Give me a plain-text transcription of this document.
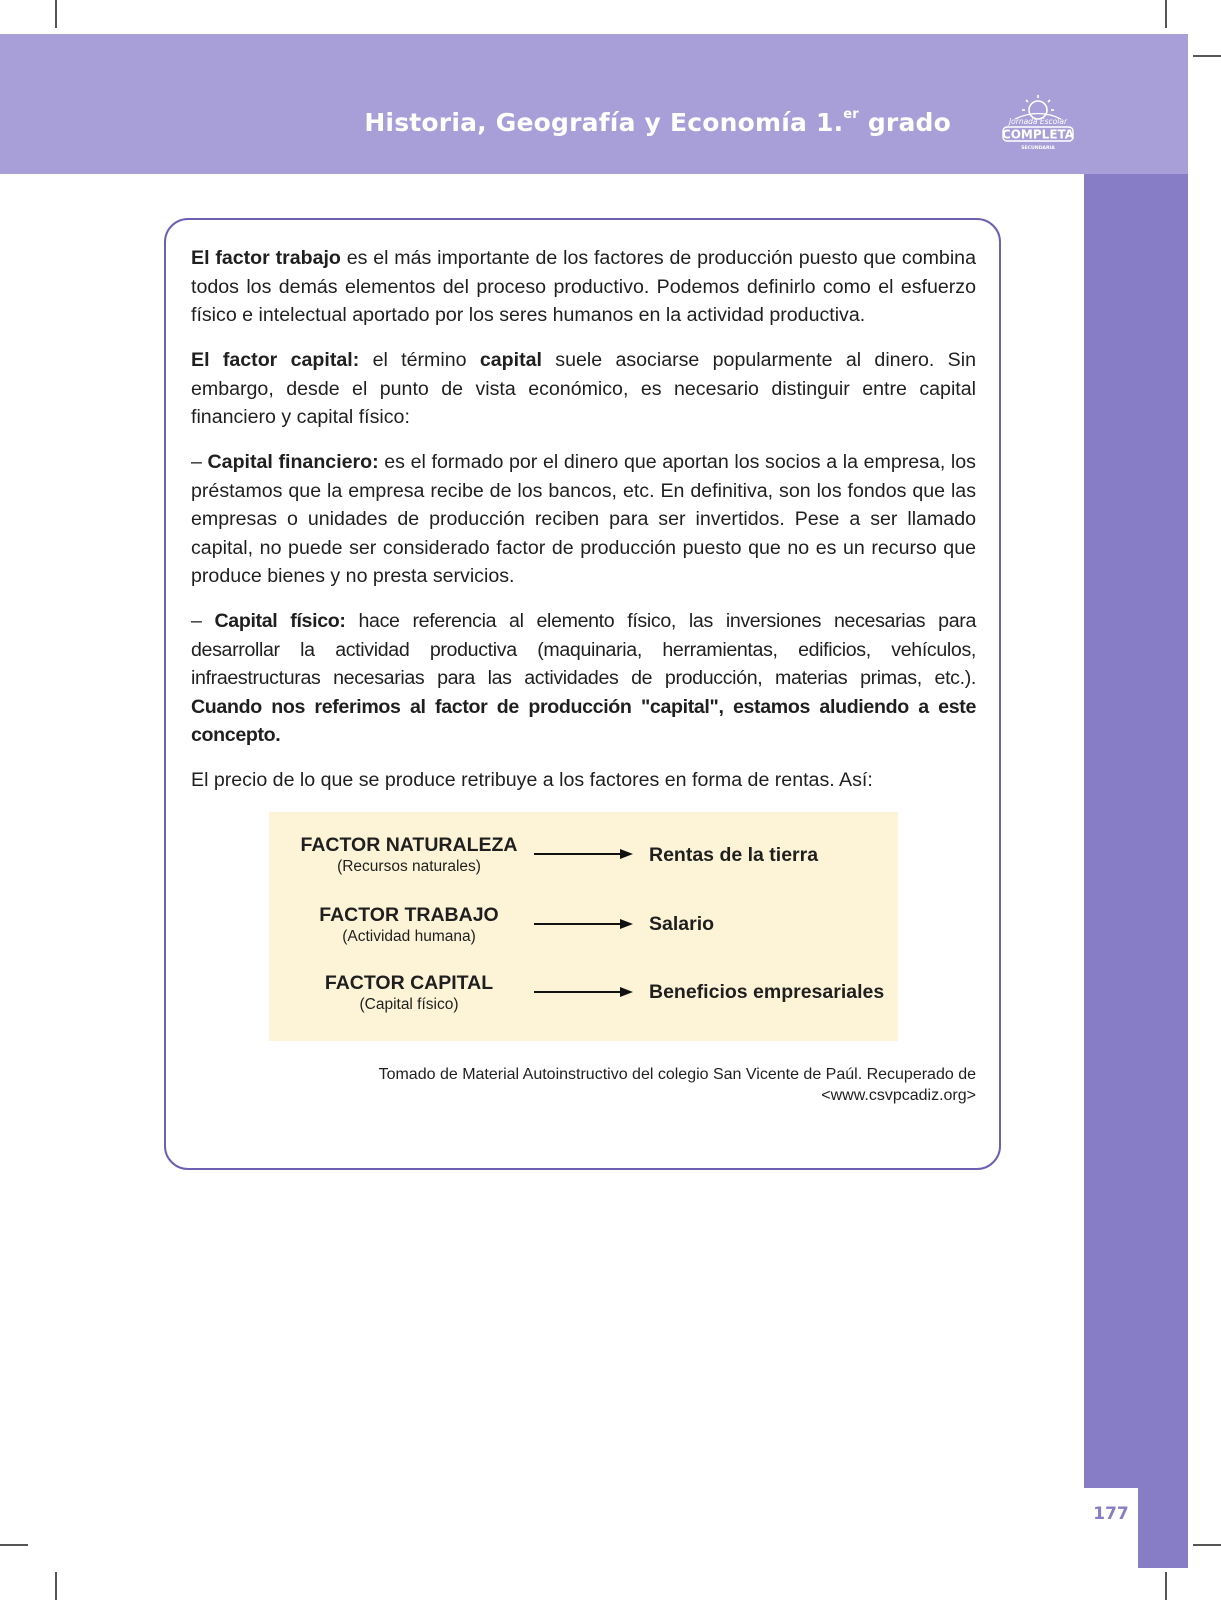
Historia, Geografía y Economía 1.$^{er}$ grado	Jornada Escolar
COMPLETA
SECUNDARIA
177

El factor trabajo es el más importante de los factores de producción puesto que combina todos los demás elementos del proceso productivo. Podemos definirlo como el esfuerzo físico e intelectual aportado por los seres humanos en la actividad productiva.

El factor capital: el término capital suele asociarse popularmente al dinero. Sin embargo, desde el punto de vista económico, es necesario distinguir entre capital financiero y capital físico:

– Capital financiero: es el formado por el dinero que aportan los socios a la empresa, los préstamos que la empresa recibe de los bancos, etc. En definitiva, son los fondos que las empresas o unidades de producción reciben para ser invertidos. Pese a ser llamado capital, no puede ser considerado factor de producción puesto que no es un recurso que produce bienes y no presta servicios.

– Capital físico: hace referencia al elemento físico, las inversiones necesarias para desarrollar la actividad productiva (maquinaria, herramientas, edificios, vehículos, infraestructuras necesarias para las actividades de producción, materias primas, etc.). Cuando nos referimos al factor de producción "capital", estamos aludiendo a este concepto.

El precio de lo que se produce retribuye a los factores en forma de rentas. Así:

FACTOR NATURALEZA
(Recursos naturales)
Rentas de la tierra
FACTOR TRABAJO
(Actividad humana)
Salario
FACTOR CAPITAL
(Capital físico)
Beneficios empresariales
Tomado de Material Autoinstructivo del colegio San Vicente de Paúl. Recuperado de
<www.csvpcadiz.org>
